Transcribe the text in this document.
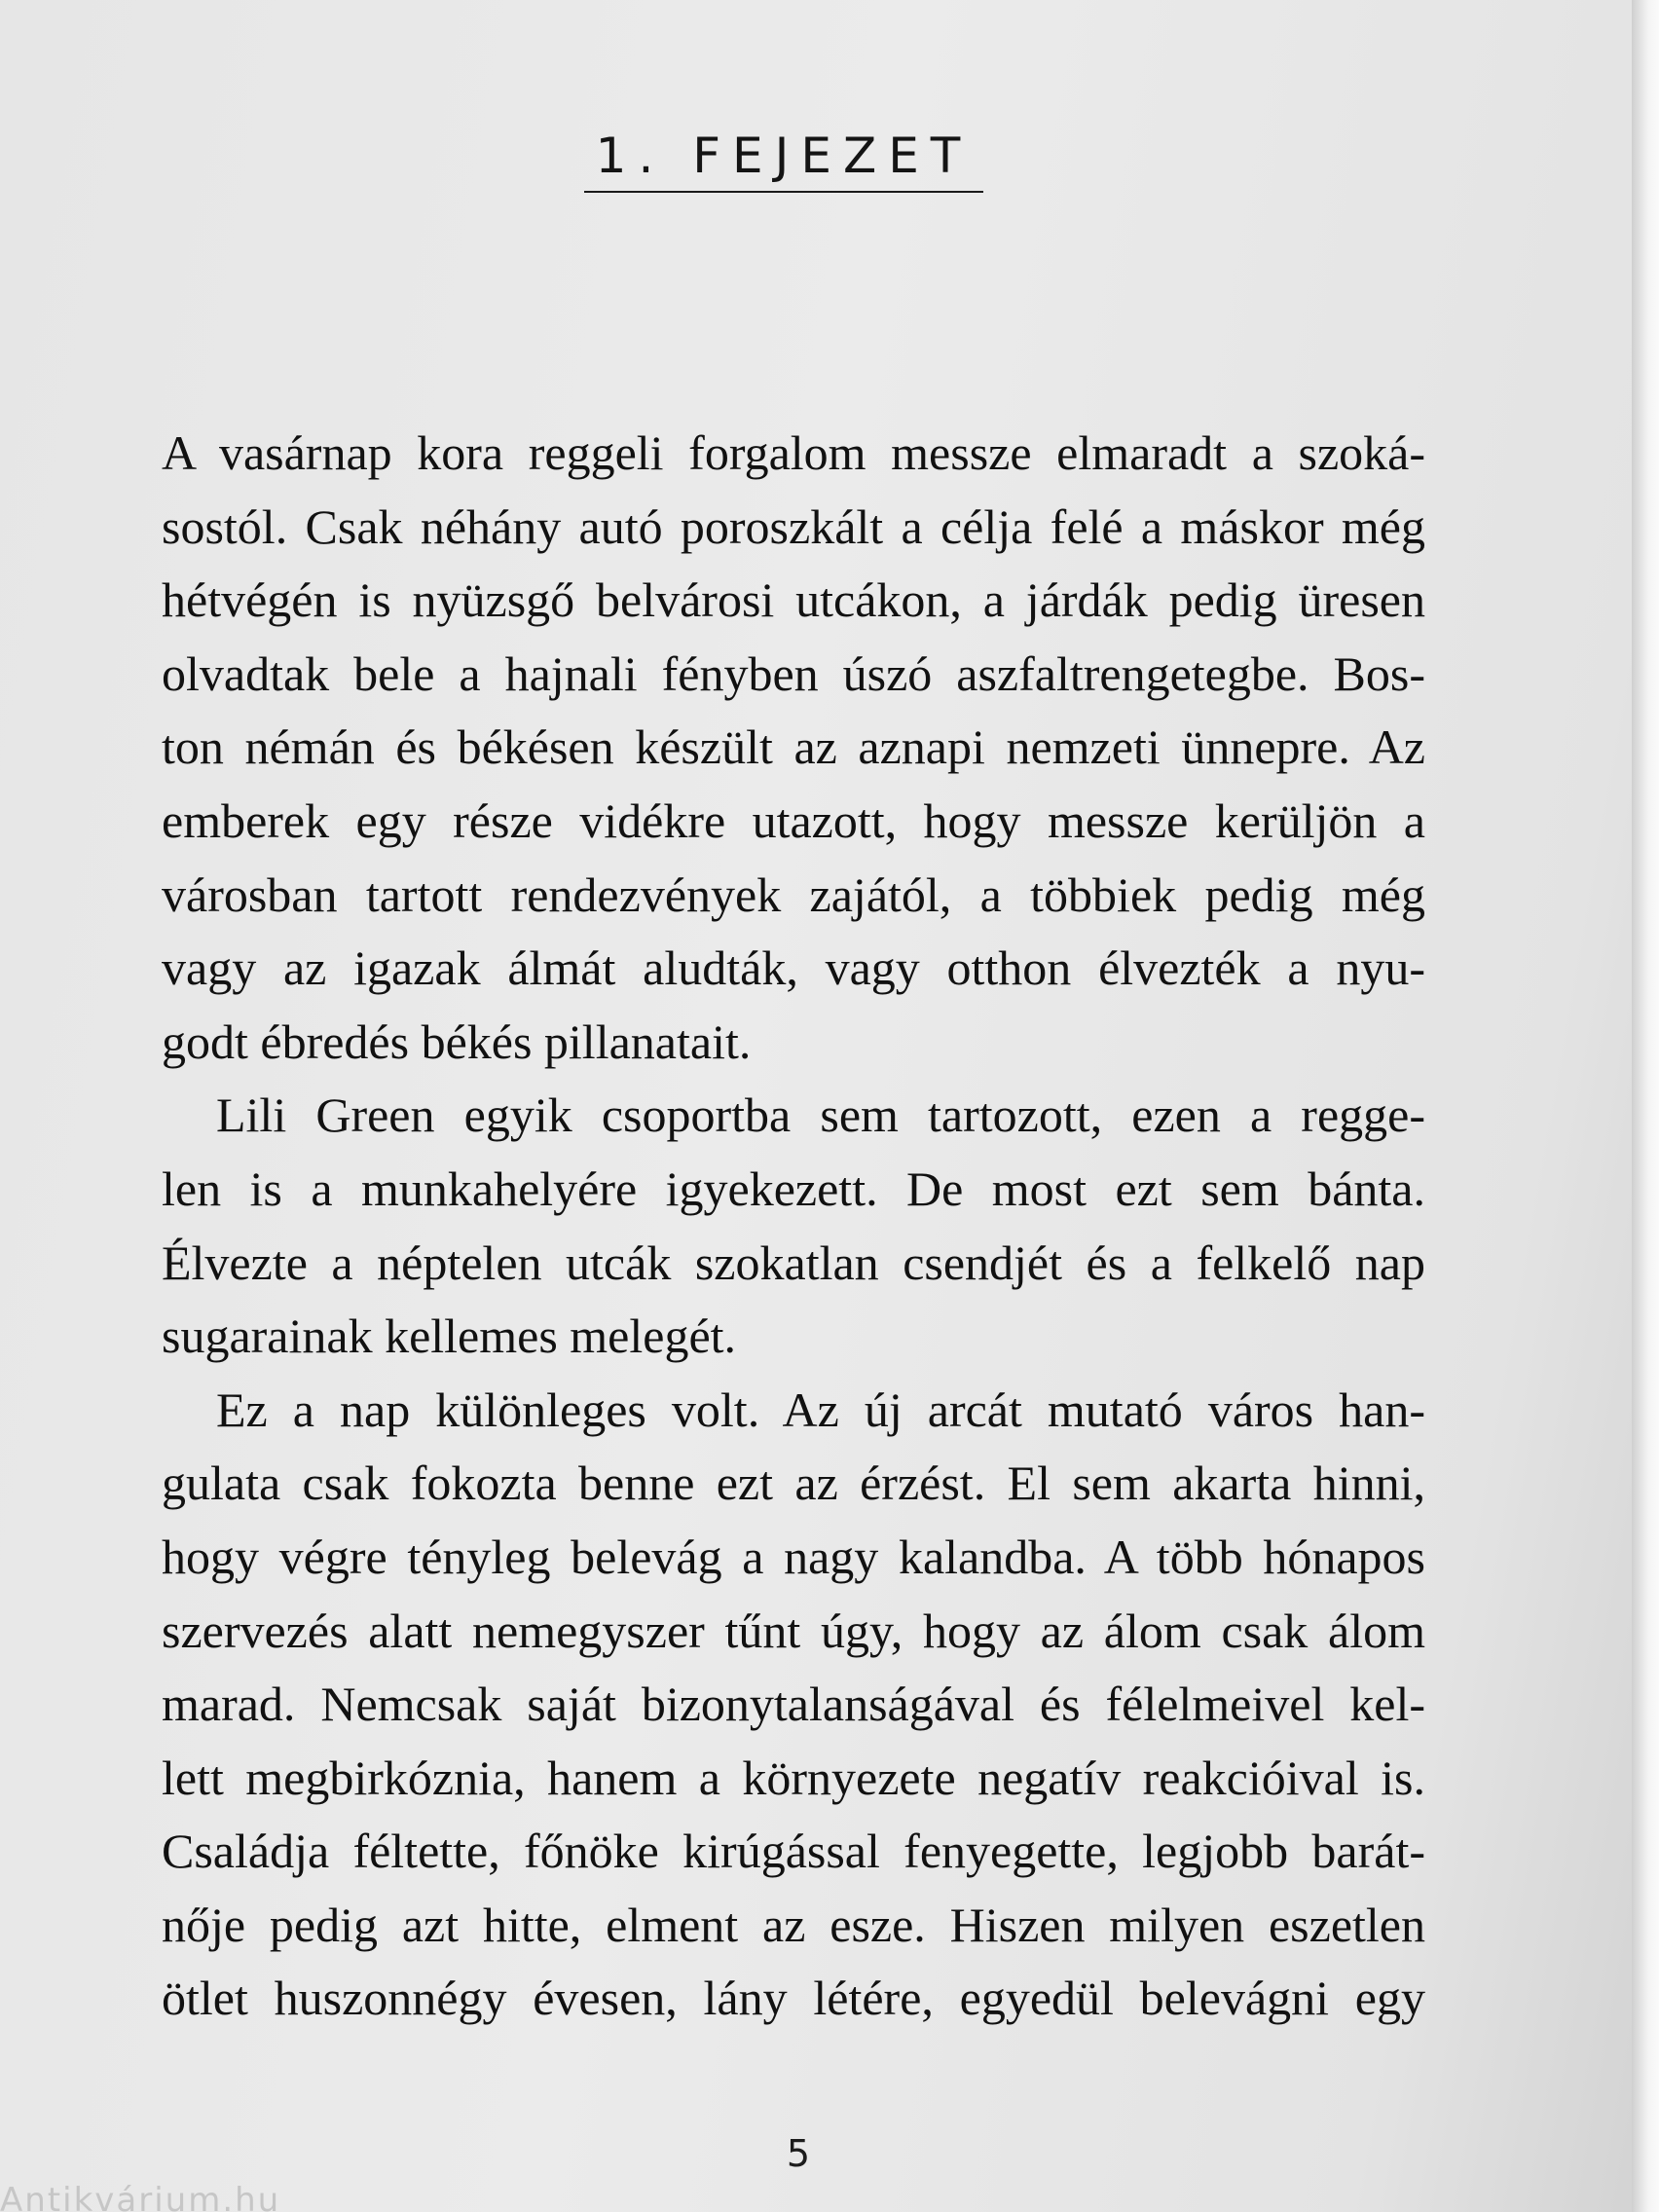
1. FEJEZET
A vasárnap kora reggeli forgalom messze elmaradt a szoká-
sostól. Csak néhány autó poroszkált a célja felé a máskor még
hétvégén is nyüzsgő belvárosi utcákon, a járdák pedig üresen
olvadtak bele a hajnali fényben úszó aszfaltrengetegbe. Bos-
ton némán és békésen készült az aznapi nemzeti ünnepre. Az
emberek egy része vidékre utazott, hogy messze kerüljön a
városban tartott rendezvények zajától, a többiek pedig még
vagy az igazak álmát aludták, vagy otthon élvezték a nyu-
godt ébredés békés pillanatait.
Lili Green egyik csoportba sem tartozott, ezen a regge-
len is a munkahelyére igyekezett. De most ezt sem bánta.
Élvezte a néptelen utcák szokatlan csendjét és a felkelő nap
sugarainak kellemes melegét.
Ez a nap különleges volt. Az új arcát mutató város han-
gulata csak fokozta benne ezt az érzést. El sem akarta hinni,
hogy végre tényleg belevág a nagy kalandba. A több hónapos
szervezés alatt nemegyszer tűnt úgy, hogy az álom csak álom
marad. Nemcsak saját bizonytalanságával és félelmeivel kel-
lett megbirkóznia, hanem a környezete negatív reakcióival is.
Családja féltette, főnöke kirúgással fenyegette, legjobb barát-
nője pedig azt hitte, elment az esze. Hiszen milyen eszetlen
ötlet huszonnégy évesen, lány létére, egyedül belevágni egy
5
Antikvárium.hu
